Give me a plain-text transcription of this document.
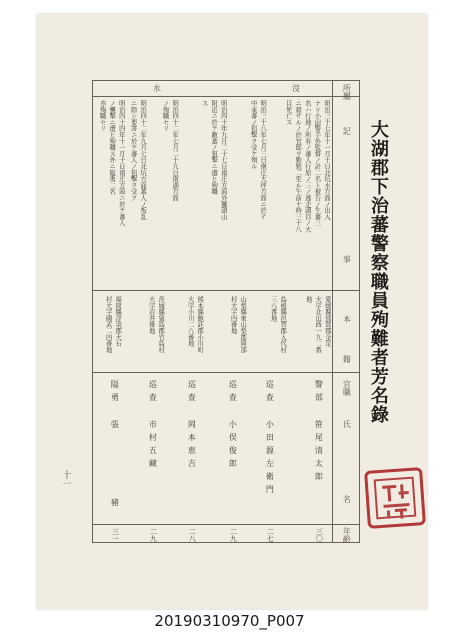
所屬
記
事
本
籍
官職
氏
名
年齡
沒
水
大湖郡下治蕃警察職員殉難者芳名錄
明治三十七年十一月十日北坑水方面ノ出入
ナリ小田警手外監督ノ計二名ト被告ノ生蕃三
名ハ行地ノ所有ノ蕃人行原ノ三ノ逃走頭目ノ大
ニ殺サルノ於官邸ヲ勤勉二至ル午前十時三十八
目死亡ス
愛媛縣那賀郡金足
大字北出西一九二番
地
警部
笹尾清太郎
三〇
明治三十八年七月三日南庄大坪方面ニ於テ
中來蕃ノ狙撃ヲ受ケ殞ル
島根縣邑智郡入代村
三八番地
巡查
小田源左衛門
二七
明治四十年九月二十七日南庄方面外獅頭山
附近ニ於テ敵蕃ノ狙撃ニ遭ヒ殉職
ス
山梨縣東山梨郡岡部
村大字四番地
巡查
小俣俊郎
二九
明治四十二年七月二十九日南湖方面
ノ殉職セリ
熊本縣飽託郡小川町
大字小川二八番地
巡查
岡本恵吉
二八
明治四十二年九月七日北坑方面蕃人ノ叛乱
ニ際シ要害ニ於テ蕃人ノ狙擊ヲ受ク
茨城縣猿島郡竹島村
大字岩井番地
巡查
市村五藏
二九
明治四十四年十一月十日南庄方面ニ於テ蕃人
ノ襲撃ニ遭ヒ殉職ス外ニ隘勇二名
亦殉職セリ
福岡縣浮羽郡大石
村大字國武二四番地
隘勇
張　　　　　豬
三一
十一
20190310970_P007
